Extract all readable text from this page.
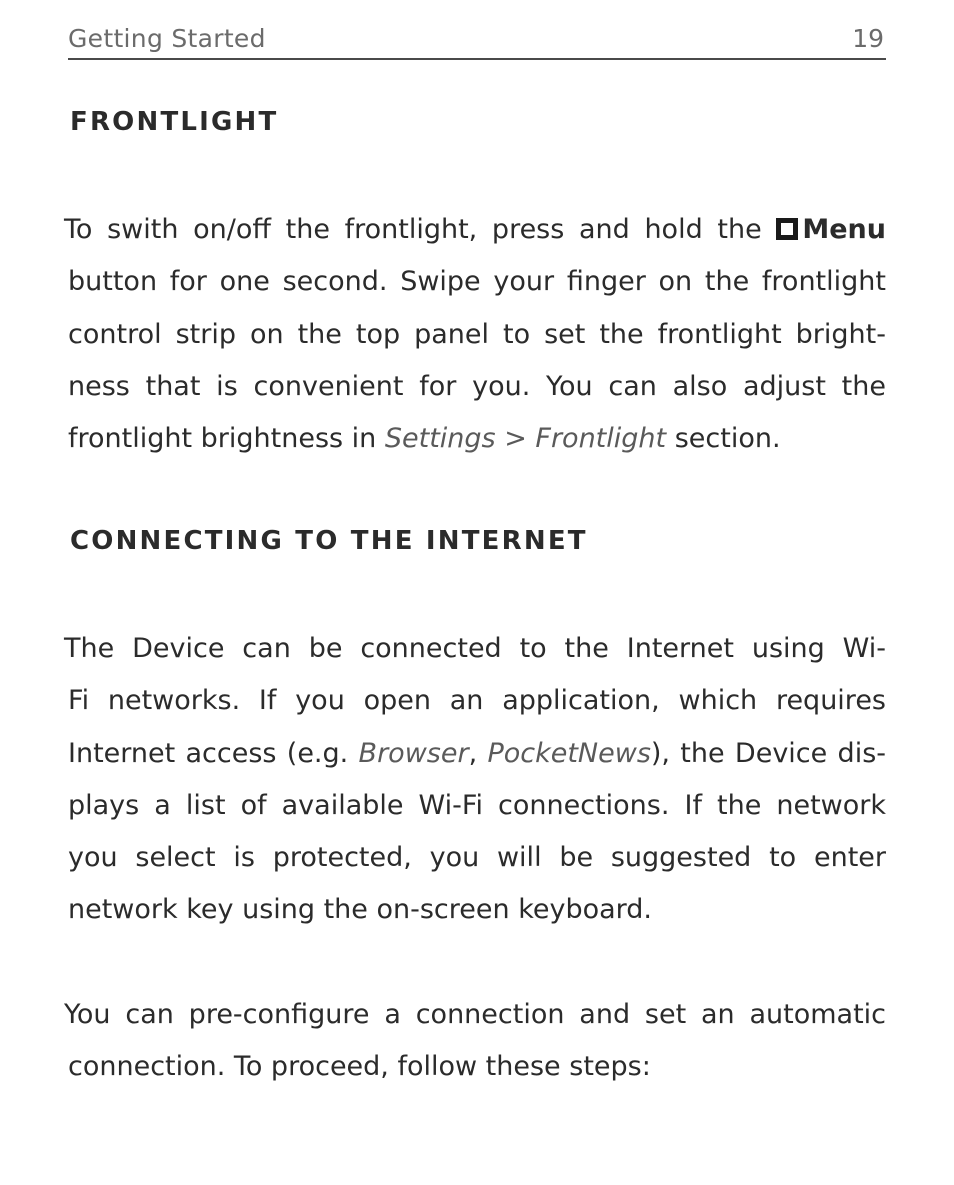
Getting Started	19
FRONTLIGHT
To swith on/off the frontlight, press and hold the Menu
button for one second. Swipe your finger on the frontlight
control strip on the top panel to set the frontlight bright-
ness that is convenient for you. You can also adjust the
frontlight brightness in Settings > Frontlight section.
CONNECTING TO THE INTERNET
The Device can be connected to the Internet using Wi-
Fi networks. If you open an application, which requires
Internet access (e.g. Browser, PocketNews), the Device dis-
plays a list of available Wi-Fi connections. If the network
you select is protected, you will be suggested to enter
network key using the on-screen keyboard.
You can pre-configure a connection and set an automatic
connection. To proceed, follow these steps:
